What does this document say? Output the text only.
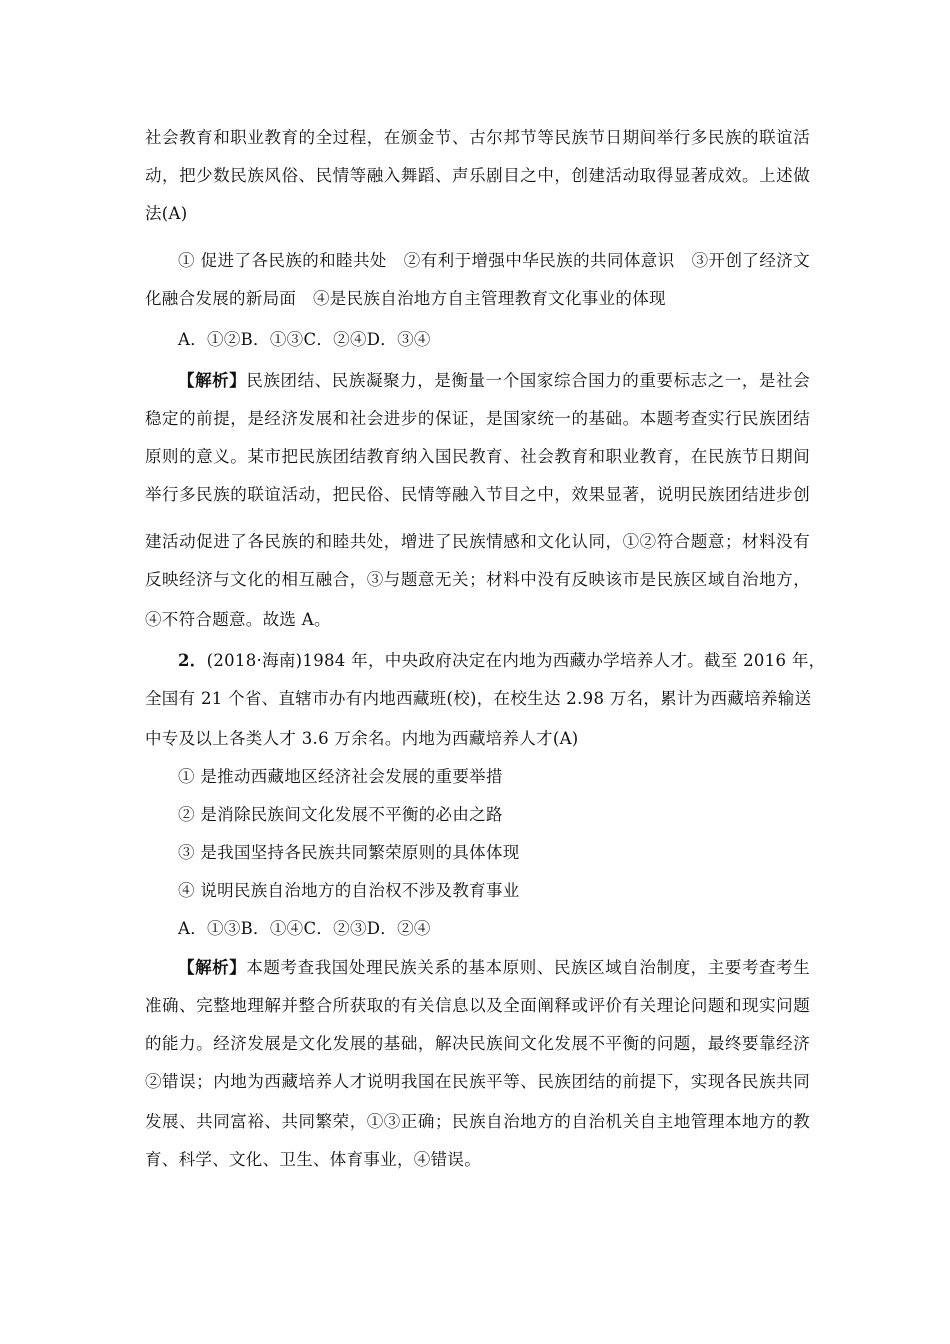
社会教育和职业教育的全过程，在颁金节、古尔邦节等民族节日期间举行多民族的联谊活
动，把少数民族风俗、民情等融入舞蹈、声乐剧目之中，创建活动取得显著成效。上述做
法(A)
① 促进了各民族的和睦共处　②有利于增强中华民族的共同体意识　③开创了经济文
化融合发展的新局面　④是民族自治地方自主管理教育文化事业的体现
A．①②B．①③C．②④D．③④
【解析】民族团结、民族凝聚力，是衡量一个国家综合国力的重要标志之一，是社会
稳定的前提，是经济发展和社会进步的保证，是国家统一的基础。本题考查实行民族团结
原则的意义。某市把民族团结教育纳入国民教育、社会教育和职业教育，在民族节日期间
举行多民族的联谊活动，把民俗、民情等融入节目之中，效果显著，说明民族团结进步创
建活动促进了各民族的和睦共处，增进了民族情感和文化认同，①②符合题意；材料没有
反映经济与文化的相互融合，③与题意无关；材料中没有反映该市是民族区域自治地方，
④不符合题意。故选 A。
2．(2018·海南)1984 年，中央政府决定在内地为西藏办学培养人才。截至 2016 年，
全国有 21 个省、直辖市办有内地西藏班(校)，在校生达 2.98 万名，累计为西藏培养输送
中专及以上各类人才 3.6 万余名。内地为西藏培养人才(A)
① 是推动西藏地区经济社会发展的重要举措
② 是消除民族间文化发展不平衡的必由之路
③ 是我国坚持各民族共同繁荣原则的具体体现
④ 说明民族自治地方的自治权不涉及教育事业
A．①③B．①④C．②③D．②④
【解析】本题考查我国处理民族关系的基本原则、民族区域自治制度，主要考查考生
准确、完整地理解并整合所获取的有关信息以及全面阐释或评价有关理论问题和现实问题
的能力。经济发展是文化发展的基础，解决民族间文化发展不平衡的问题，最终要靠经济
②错误；内地为西藏培养人才说明我国在民族平等、民族团结的前提下，实现各民族共同
发展、共同富裕、共同繁荣，①③正确；民族自治地方的自治机关自主地管理本地方的教
育、科学、文化、卫生、体育事业，④错误。
